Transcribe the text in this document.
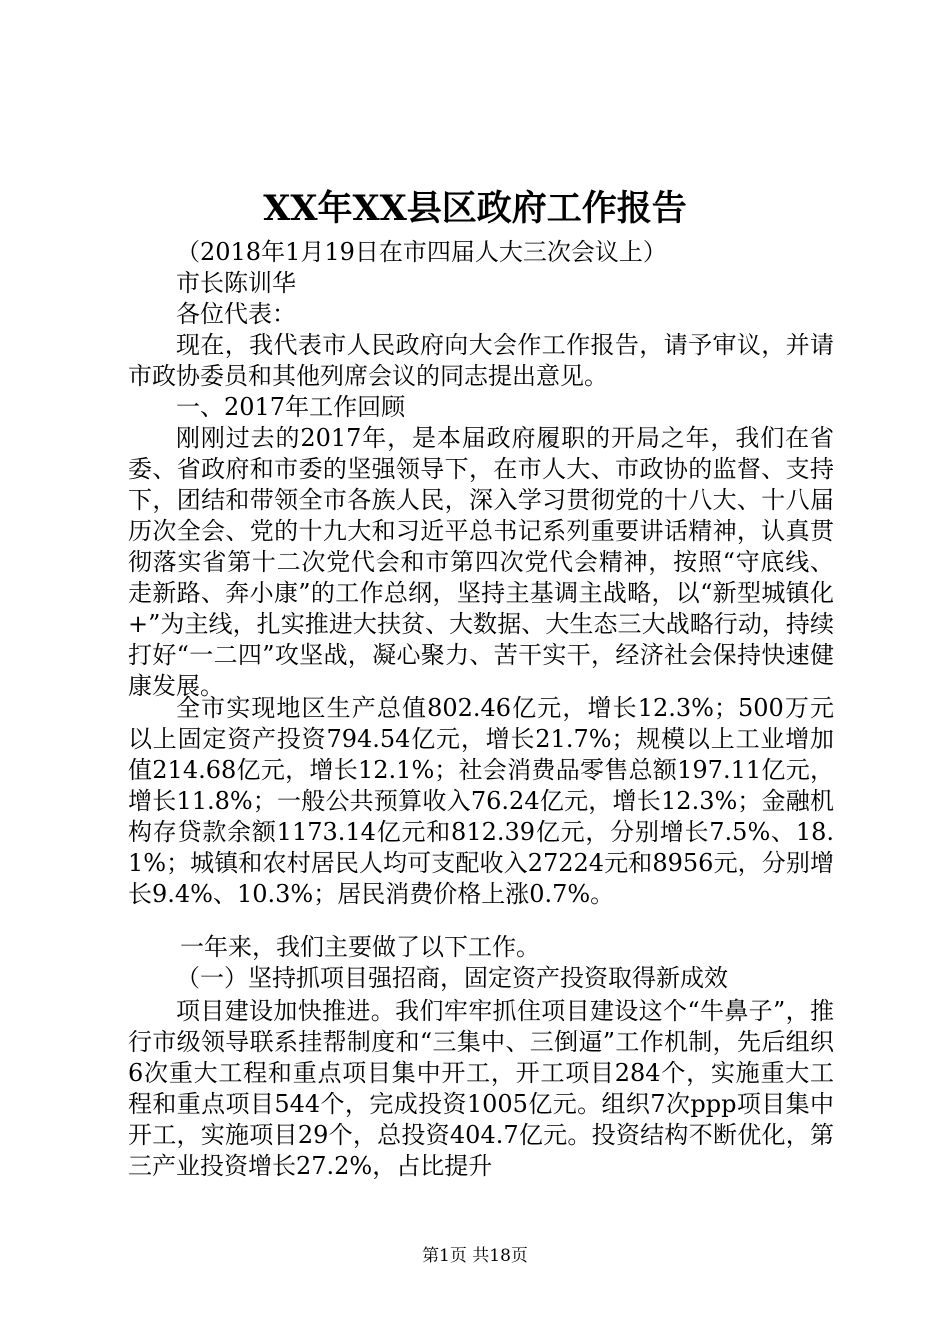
XX年XX县区政府工作报告

（2018年1月19日在市四届人大三次会议上）

市长陈训华

各位代表：

现在，我代表市人民政府向大会作工作报告，请予审议，并请市政协委员和其他列席会议的同志提出意见。

一、2017年工作回顾

刚刚过去的2017年，是本届政府履职的开局之年，我们在省委、省政府和市委的坚强领导下，在市人大、市政协的监督、支持下，团结和带领全市各族人民，深入学习贯彻党的十八大、十八届历次全会、党的十九大和习近平总书记系列重要讲话精神，认真贯彻落实省第十二次党代会和市第四次党代会精神，按照“守底线、走新路、奔小康”的工作总纲，坚持主基调主战略，以“新型城镇化+”为主线，扎实推进大扶贫、大数据、大生态三大战略行动，持续打好“一二四”攻坚战，凝心聚力、苦干实干，经济社会保持快速健康发展。

全市实现地区生产总值802.46亿元，增长12.3%；500万元以上固定资产投资794.54亿元，增长21.7%；规模以上工业增加值214.68亿元，增长12.1%；社会消费品零售总额197.11亿元，增长11.8%；一般公共预算收入76.24亿元，增长12.3%；金融机构存贷款余额1173.14亿元和812.39亿元，分别增长7.5%、18.1%；城镇和农村居民人均可支配收入27224元和8956元，分别增长9.4%、10.3%；居民消费价格上涨0.7%。

一年来，我们主要做了以下工作。

（一）坚持抓项目强招商，固定资产投资取得新成效

项目建设加快推进。我们牢牢抓住项目建设这个“牛鼻子”，推行市级领导联系挂帮制度和“三集中、三倒逼”工作机制，先后组织6次重大工程和重点项目集中开工，开工项目284个，实施重大工程和重点项目544个，完成投资1005亿元。组织7次ppp项目集中开工，实施项目29个，总投资404.7亿元。投资结构不断优化，第三产业投资增长27.2%，占比提升

第1页 共18页
